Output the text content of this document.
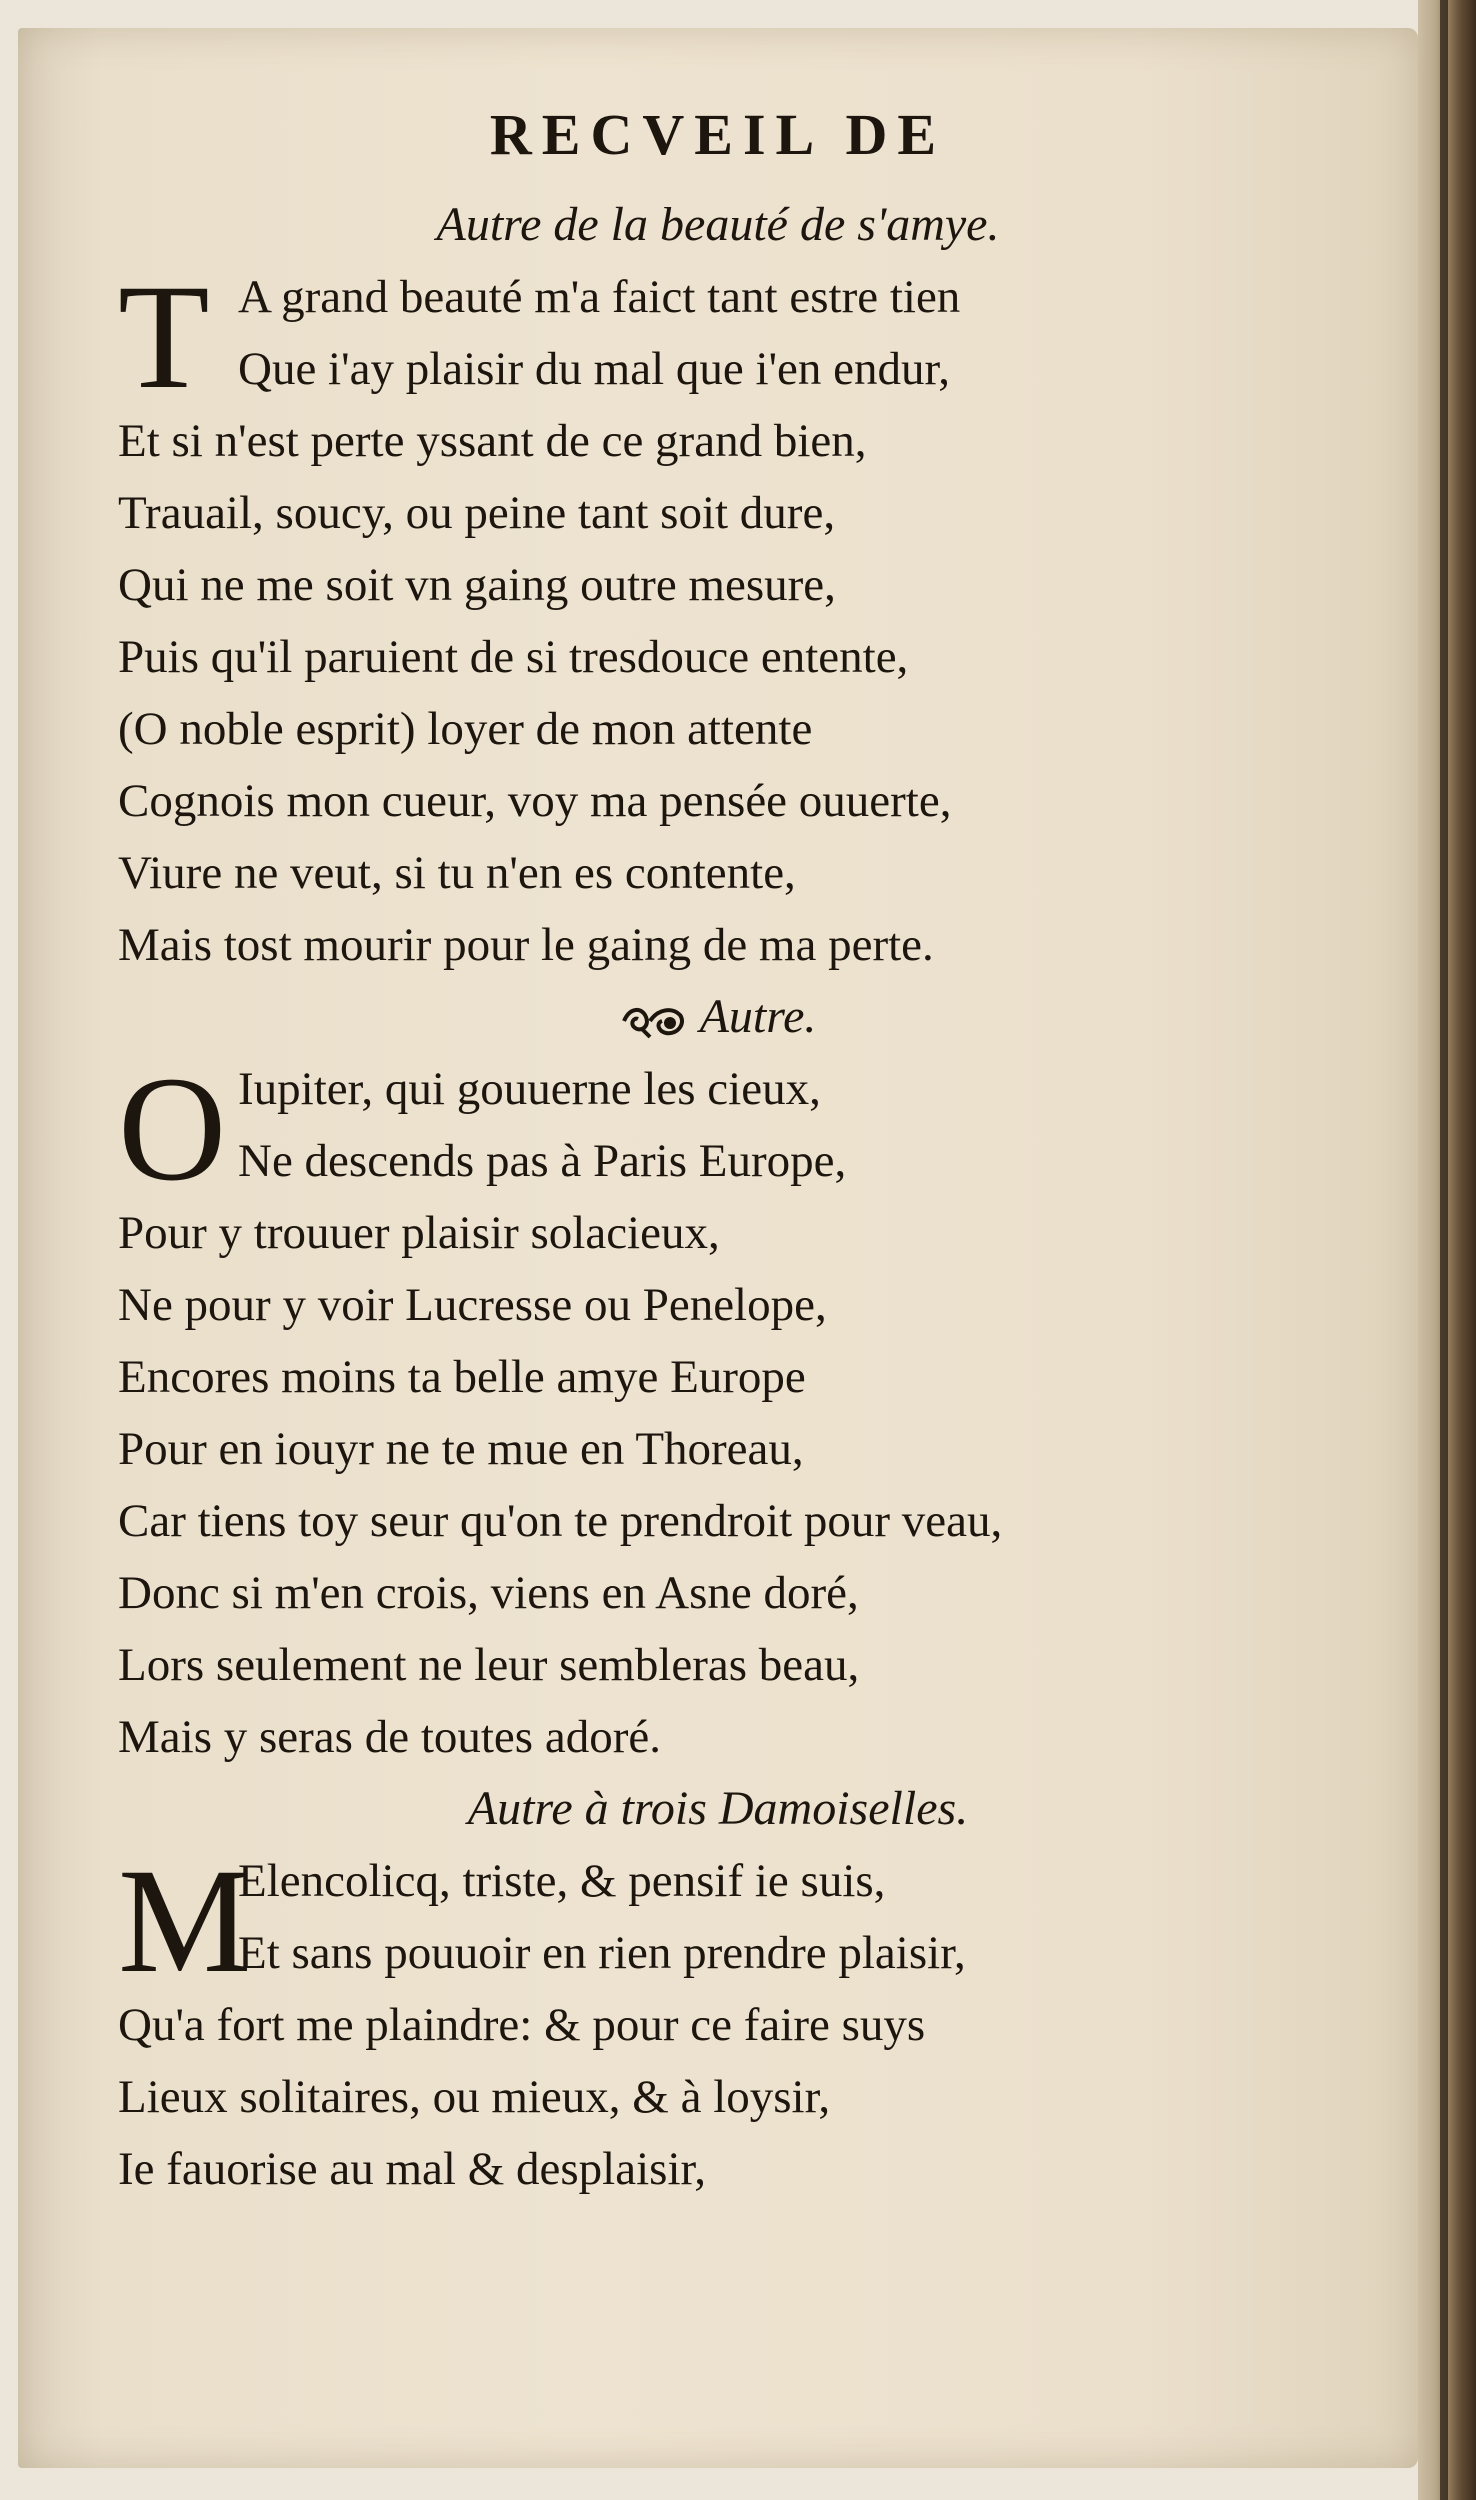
RECVEIL DE
Autre de la beauté de s'amye.
T A grand beauté m'a faict tant estre tien
Que i'ay plaisir du mal que i'en endur,
Et si n'est perte yssant de ce grand bien,
Trauail, soucy, ou peine tant soit dure,
Qui ne me soit vn gaing outre mesure,
Puis qu'il paruient de si tresdouce entente,
(O noble esprit) loyer de mon attente
Cognois mon cueur, voy ma pensée ouuerte,
Viure ne veut, si tu n'en es contente,
Mais tost mourir pour le gaing de ma perte.
Autre.
O Iupiter, qui gouuerne les cieux,
Ne descends pas à Paris Europe,
Pour y trouuer plaisir solacieux,
Ne pour y voir Lucresse ou Penelope,
Encores moins ta belle amye Europe
Pour en iouyr ne te mue en Thoreau,
Car tiens toy seur qu'on te prendroit pour veau,
Donc si m'en crois, viens en Asne doré,
Lors seulement ne leur sembleras beau,
Mais y seras de toutes adoré.
Autre à trois Damoiselles.
M
Elencolicq, triste, & pensif ie suis,
Et sans pouuoir en rien prendre plaisir,
Qu'a fort me plaindre: & pour ce faire suys
Lieux solitaires, ou mieux, & à loysir,
Ie fauorise au mal & desplaisir,
